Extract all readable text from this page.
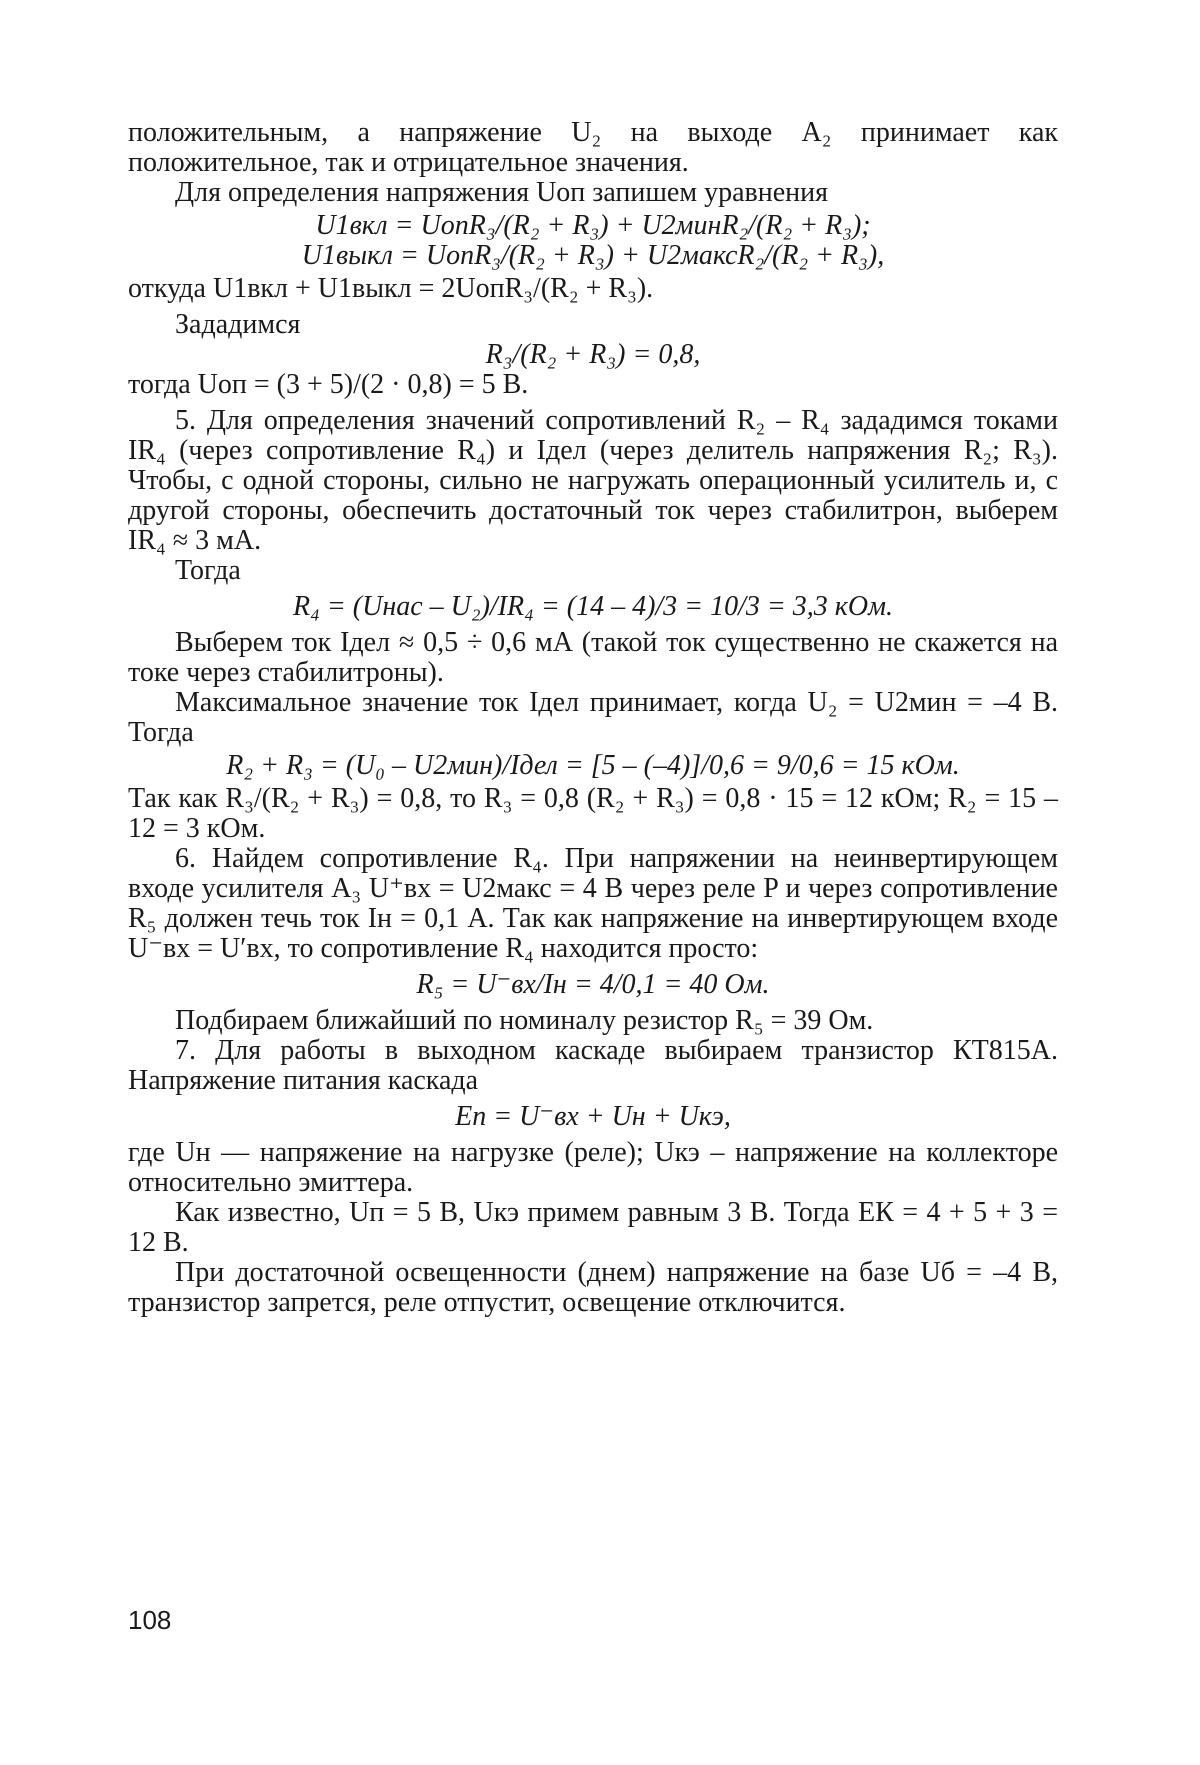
положительным, а напряжение U₂ на выходе A₂ принимает как положительное, так и отрицательное значения.

Для определения напряжения Uоп запишем уравнения

U1вкл = UопR₃/(R₂ + R₃) + U2минR₂/(R₂ + R₃);

U1выкл = UопR₃/(R₂ + R₃) + U2максR₂/(R₂ + R₃),

откуда U1вкл + U1выкл = 2UопR₃/(R₂ + R₃).

Зададимся

R₃/(R₂ + R₃) = 0,8,

тогда Uоп = (3 + 5)/(2 · 0,8) = 5 В.

5. Для определения значений сопротивлений R₂ – R₄ зададимся токами IR₄ (через сопротивление R₄) и Iдел (через делитель напряжения R₂; R₃). Чтобы, с одной стороны, сильно не нагружать операционный усилитель и, с другой стороны, обеспечить достаточный ток через стабилитрон, выберем IR₄ ≈ 3 мА.

Тогда

R₄ = (Uнас – U₂)/IR₄ = (14 – 4)/3 = 10/3 = 3,3 кОм.

Выберем ток Iдел ≈ 0,5 ÷ 0,6 мА (такой ток существенно не скажется на токе через стабилитроны).

Максимальное значение ток Iдел принимает, когда U₂ = U2мин = –4 В. Тогда

R₂ + R₃ = (U₀ – U2мин)/Iдел = [5 – (–4)]/0,6 = 9/0,6 = 15 кОм.

Так как R₃/(R₂ + R₃) = 0,8, то R₃ = 0,8 (R₂ + R₃) = 0,8 · 15 = 12 кОм; R₂ = 15 – 12 = 3 кОм.

6. Найдем сопротивление R₄. При напряжении на неинвертирующем входе усилителя A₃ U⁺вх = U2макс = 4 В через реле P и через сопротивление R₅ должен течь ток Iн = 0,1 А. Так как напряжение на инвертирующем входе U⁻вх = U′вх, то сопротивление R₄ находится просто:

R₅ = U⁻вх/Iн = 4/0,1 = 40 Ом.

Подбираем ближайший по номиналу резистор R₅ = 39 Ом.

7. Для работы в выходном каскаде выбираем транзистор КТ815А. Напряжение питания каскада

Eп = U⁻вх + Uн + Uкэ,

где Uн — напряжение на нагрузке (реле); Uкэ – напряжение на коллекторе относительно эмиттера.

Как известно, Uп = 5 В, Uкэ примем равным 3 В. Тогда EК = 4 + 5 + 3 = 12 В.

При достаточной освещенности (днем) напряжение на базе Uб = –4 В, транзистор запрется, реле отпустит, освещение отключится.

108
